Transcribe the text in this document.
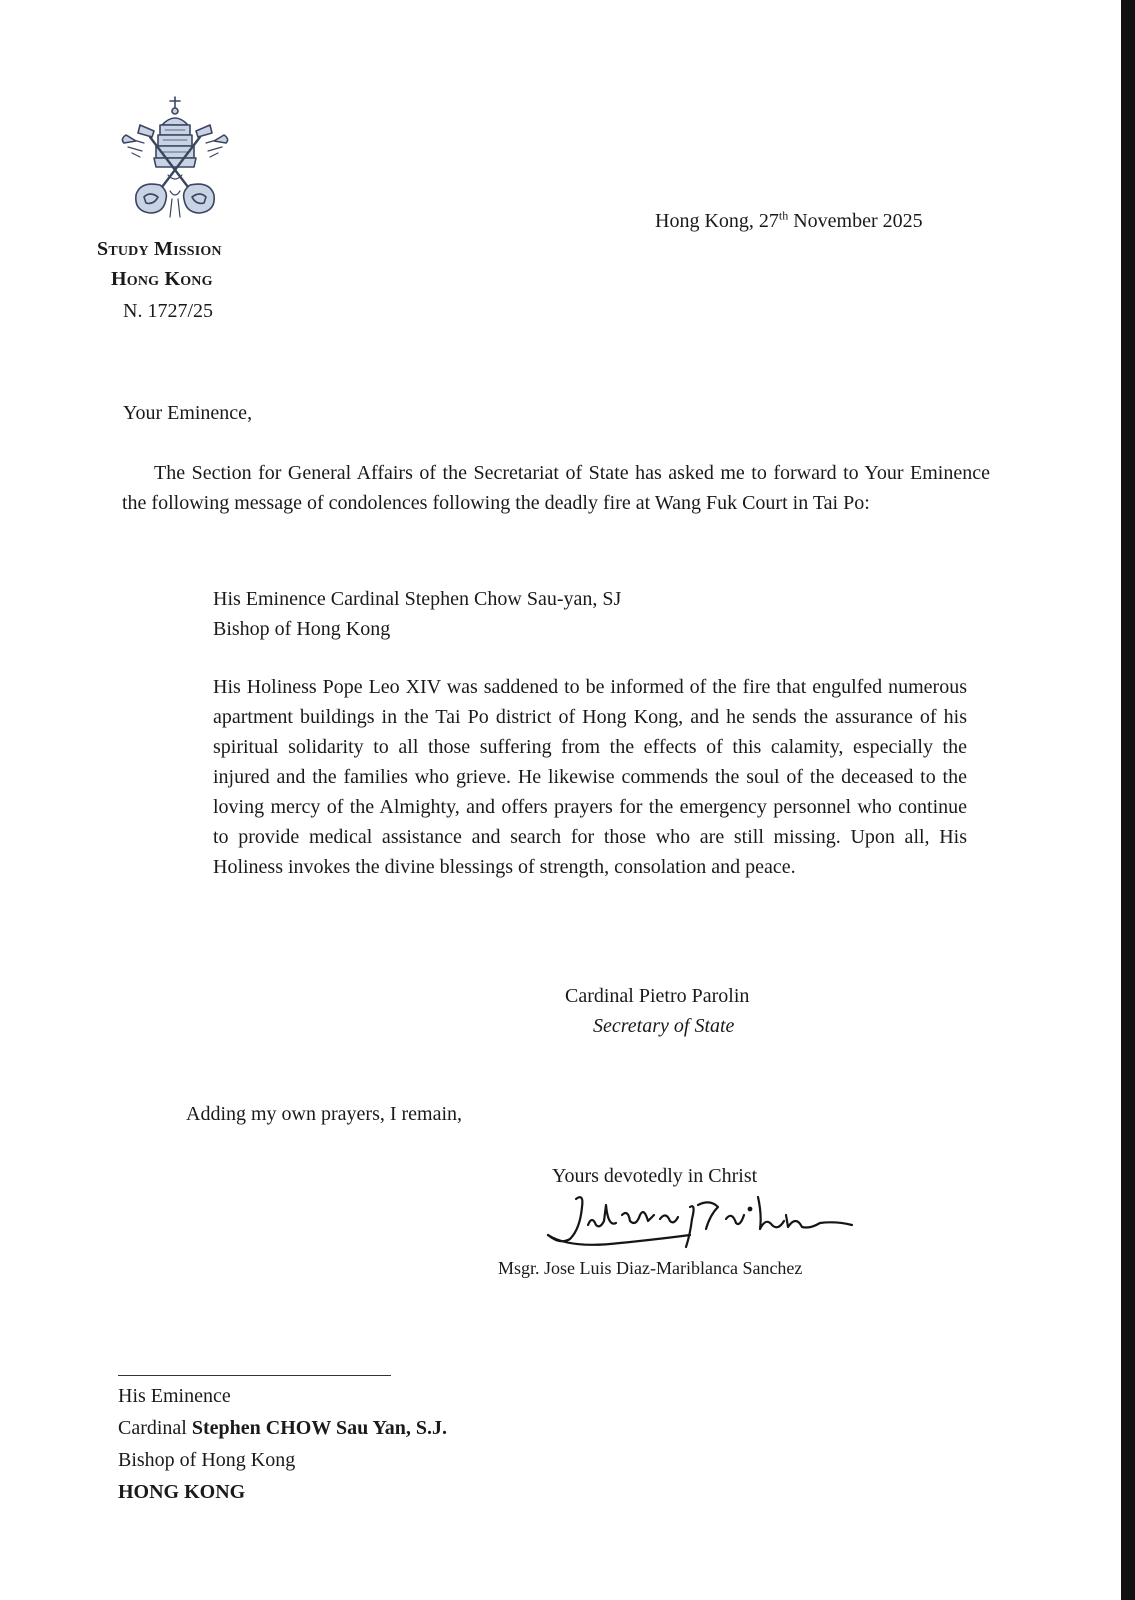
Hong Kong, 27th November 2025
Study Mission
Hong Kong
N. 1727/25
Your Eminence,
The Section for General Affairs of the Secretariat of State has asked me to forward to Your Eminence the following message of condolences following the deadly fire at Wang Fuk Court in Tai Po:
His Eminence Cardinal Stephen Chow Sau-yan, SJ
Bishop of Hong Kong
His Holiness Pope Leo XIV was saddened to be informed of the fire that engulfed numerous apartment buildings in the Tai Po district of Hong Kong, and he sends the assurance of his spiritual solidarity to all those suffering from the effects of this calamity, especially the injured and the families who grieve. He likewise commends the soul of the deceased to the loving mercy of the Almighty, and offers prayers for the emergency personnel who continue to provide medical assistance and search for those who are still missing. Upon all, His Holiness invokes the divine blessings of strength, consolation and peace.
Cardinal Pietro Parolin
Secretary of State
Adding my own prayers, I remain,
Yours devotedly in Christ
Msgr. Jose Luis Diaz-Mariblanca Sanchez
His Eminence
Cardinal Stephen CHOW Sau Yan, S.J.
Bishop of Hong Kong
HONG KONG
